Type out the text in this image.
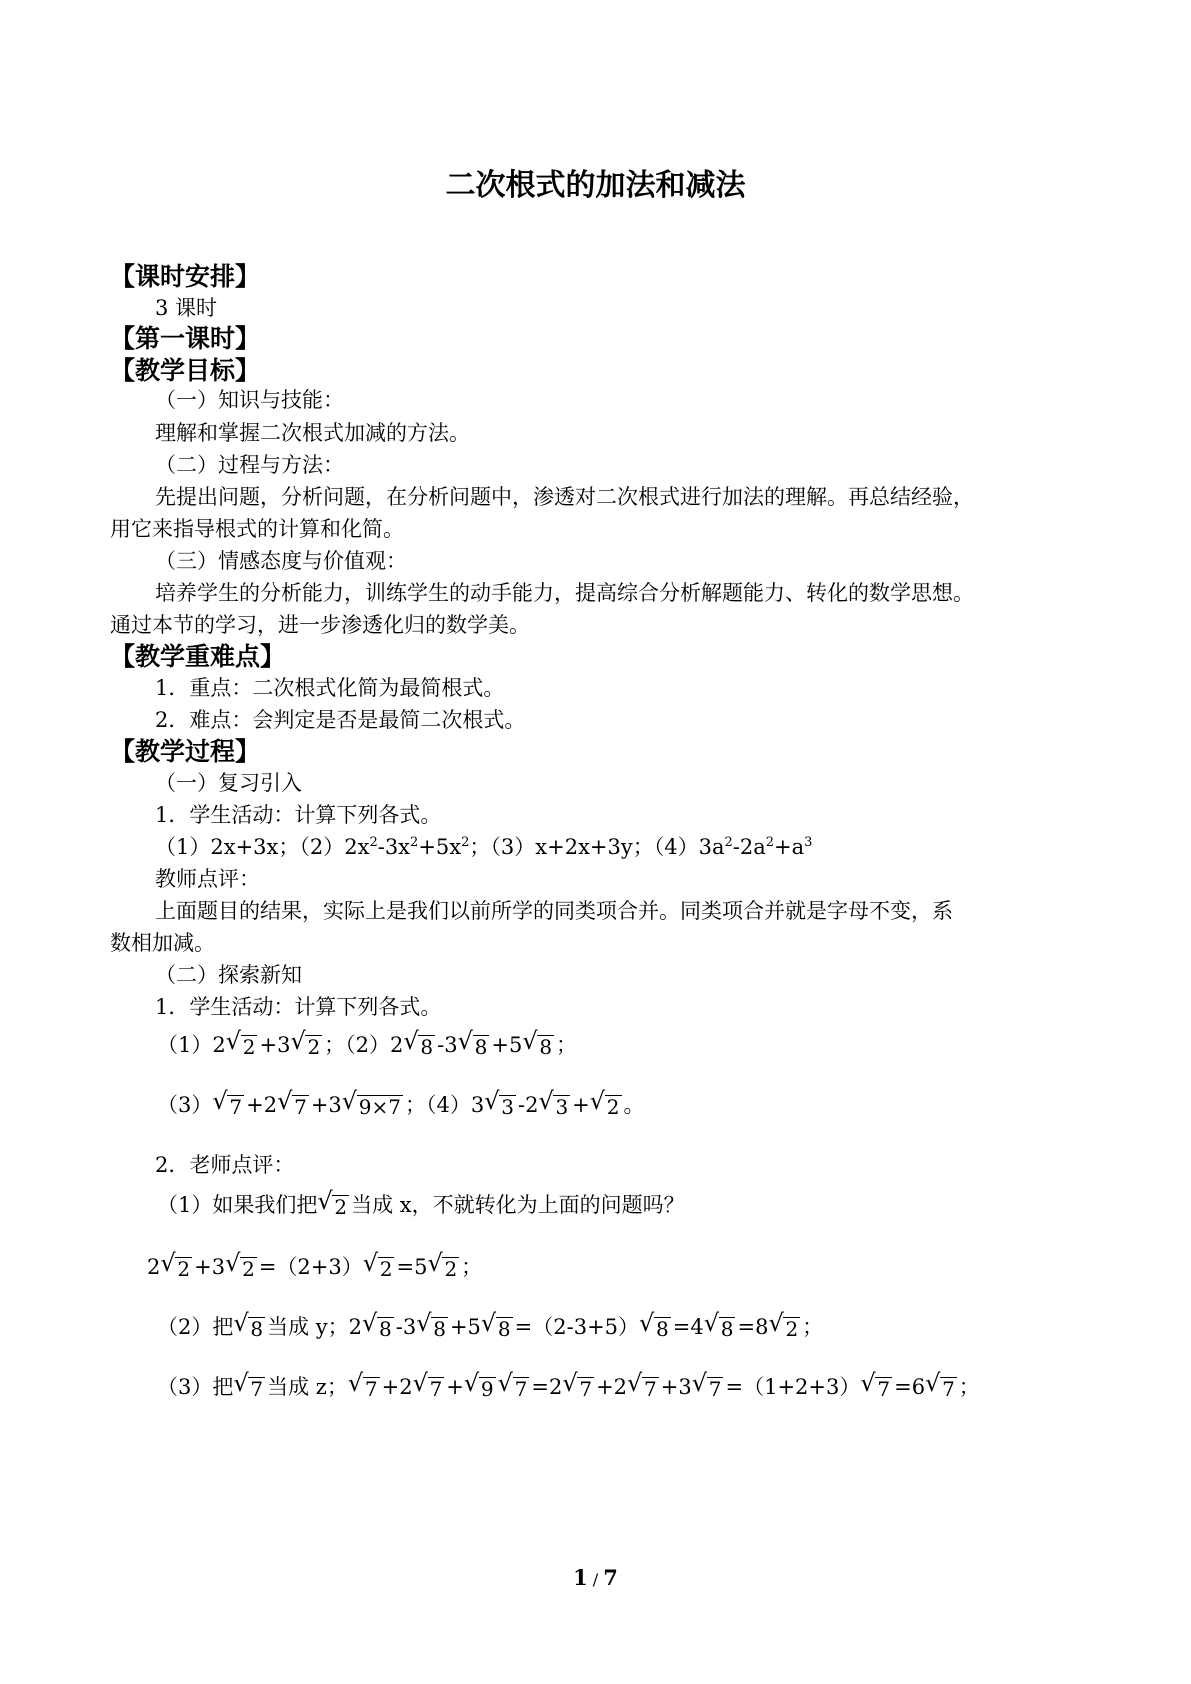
二次根式的加法和减法
【课时安排】
3 课时
【第一课时】
【教学目标】
（一）知识与技能：
理解和掌握二次根式加减的方法。
（二）过程与方法：
先提出问题，分析问题，在分析问题中，渗透对二次根式进行加法的理解。再总结经验，
用它来指导根式的计算和化简。
（三）情感态度与价值观：
培养学生的分析能力，训练学生的动手能力，提高综合分析解题能力、转化的数学思想。
通过本节的学习，进一步渗透化归的数学美。
【教学重难点】
1．重点：二次根式化简为最简根式。
2．难点：会判定是否是最简二次根式。
【教学过程】
（一）复习引入
1．学生活动：计算下列各式。
（1）2x+3x；$(2)2x^2-3x^2+5x^2$；（3）x+2x+3y；$(4)3a^2-2a^2+a^3$
教师点评：
上面题目的结果，实际上是我们以前所学的同类项合并。同类项合并就是字母不变，系
数相加减。
（二）探索新知
1．学生活动：计算下列各式。
（1）2 √ 2 +3 √ 2 ；（2）2 √ 8 -3 √ 8 +5 √ 8 ；
（3） √ 7 +2 √ 7 +3 √ 9×7 ；（4）3 √ 3 -2 √ 3 + √ 2 。
2．老师点评：
（1）如果我们把 √ 2 当成 x，不就转化为上面的问题吗？
2 √ 2 +3 √ 2 =（2+3） √ 2 =5 √ 2 ；
（2）把 √ 8 当成 y；2 √ 8 -3 √ 8 +5 √ 8 =（2-3+5） √ 8 =4 √ 8 =8 √ 2 ；
（3）把 √ 7 当成 z； √ 7 +2 √ 7 + √ 9 √ 7 =2 √ 7 +2 √ 7 +3 √ 7 =（1+2+3） √ 7 =6 √ 7 ；
1 / 7
